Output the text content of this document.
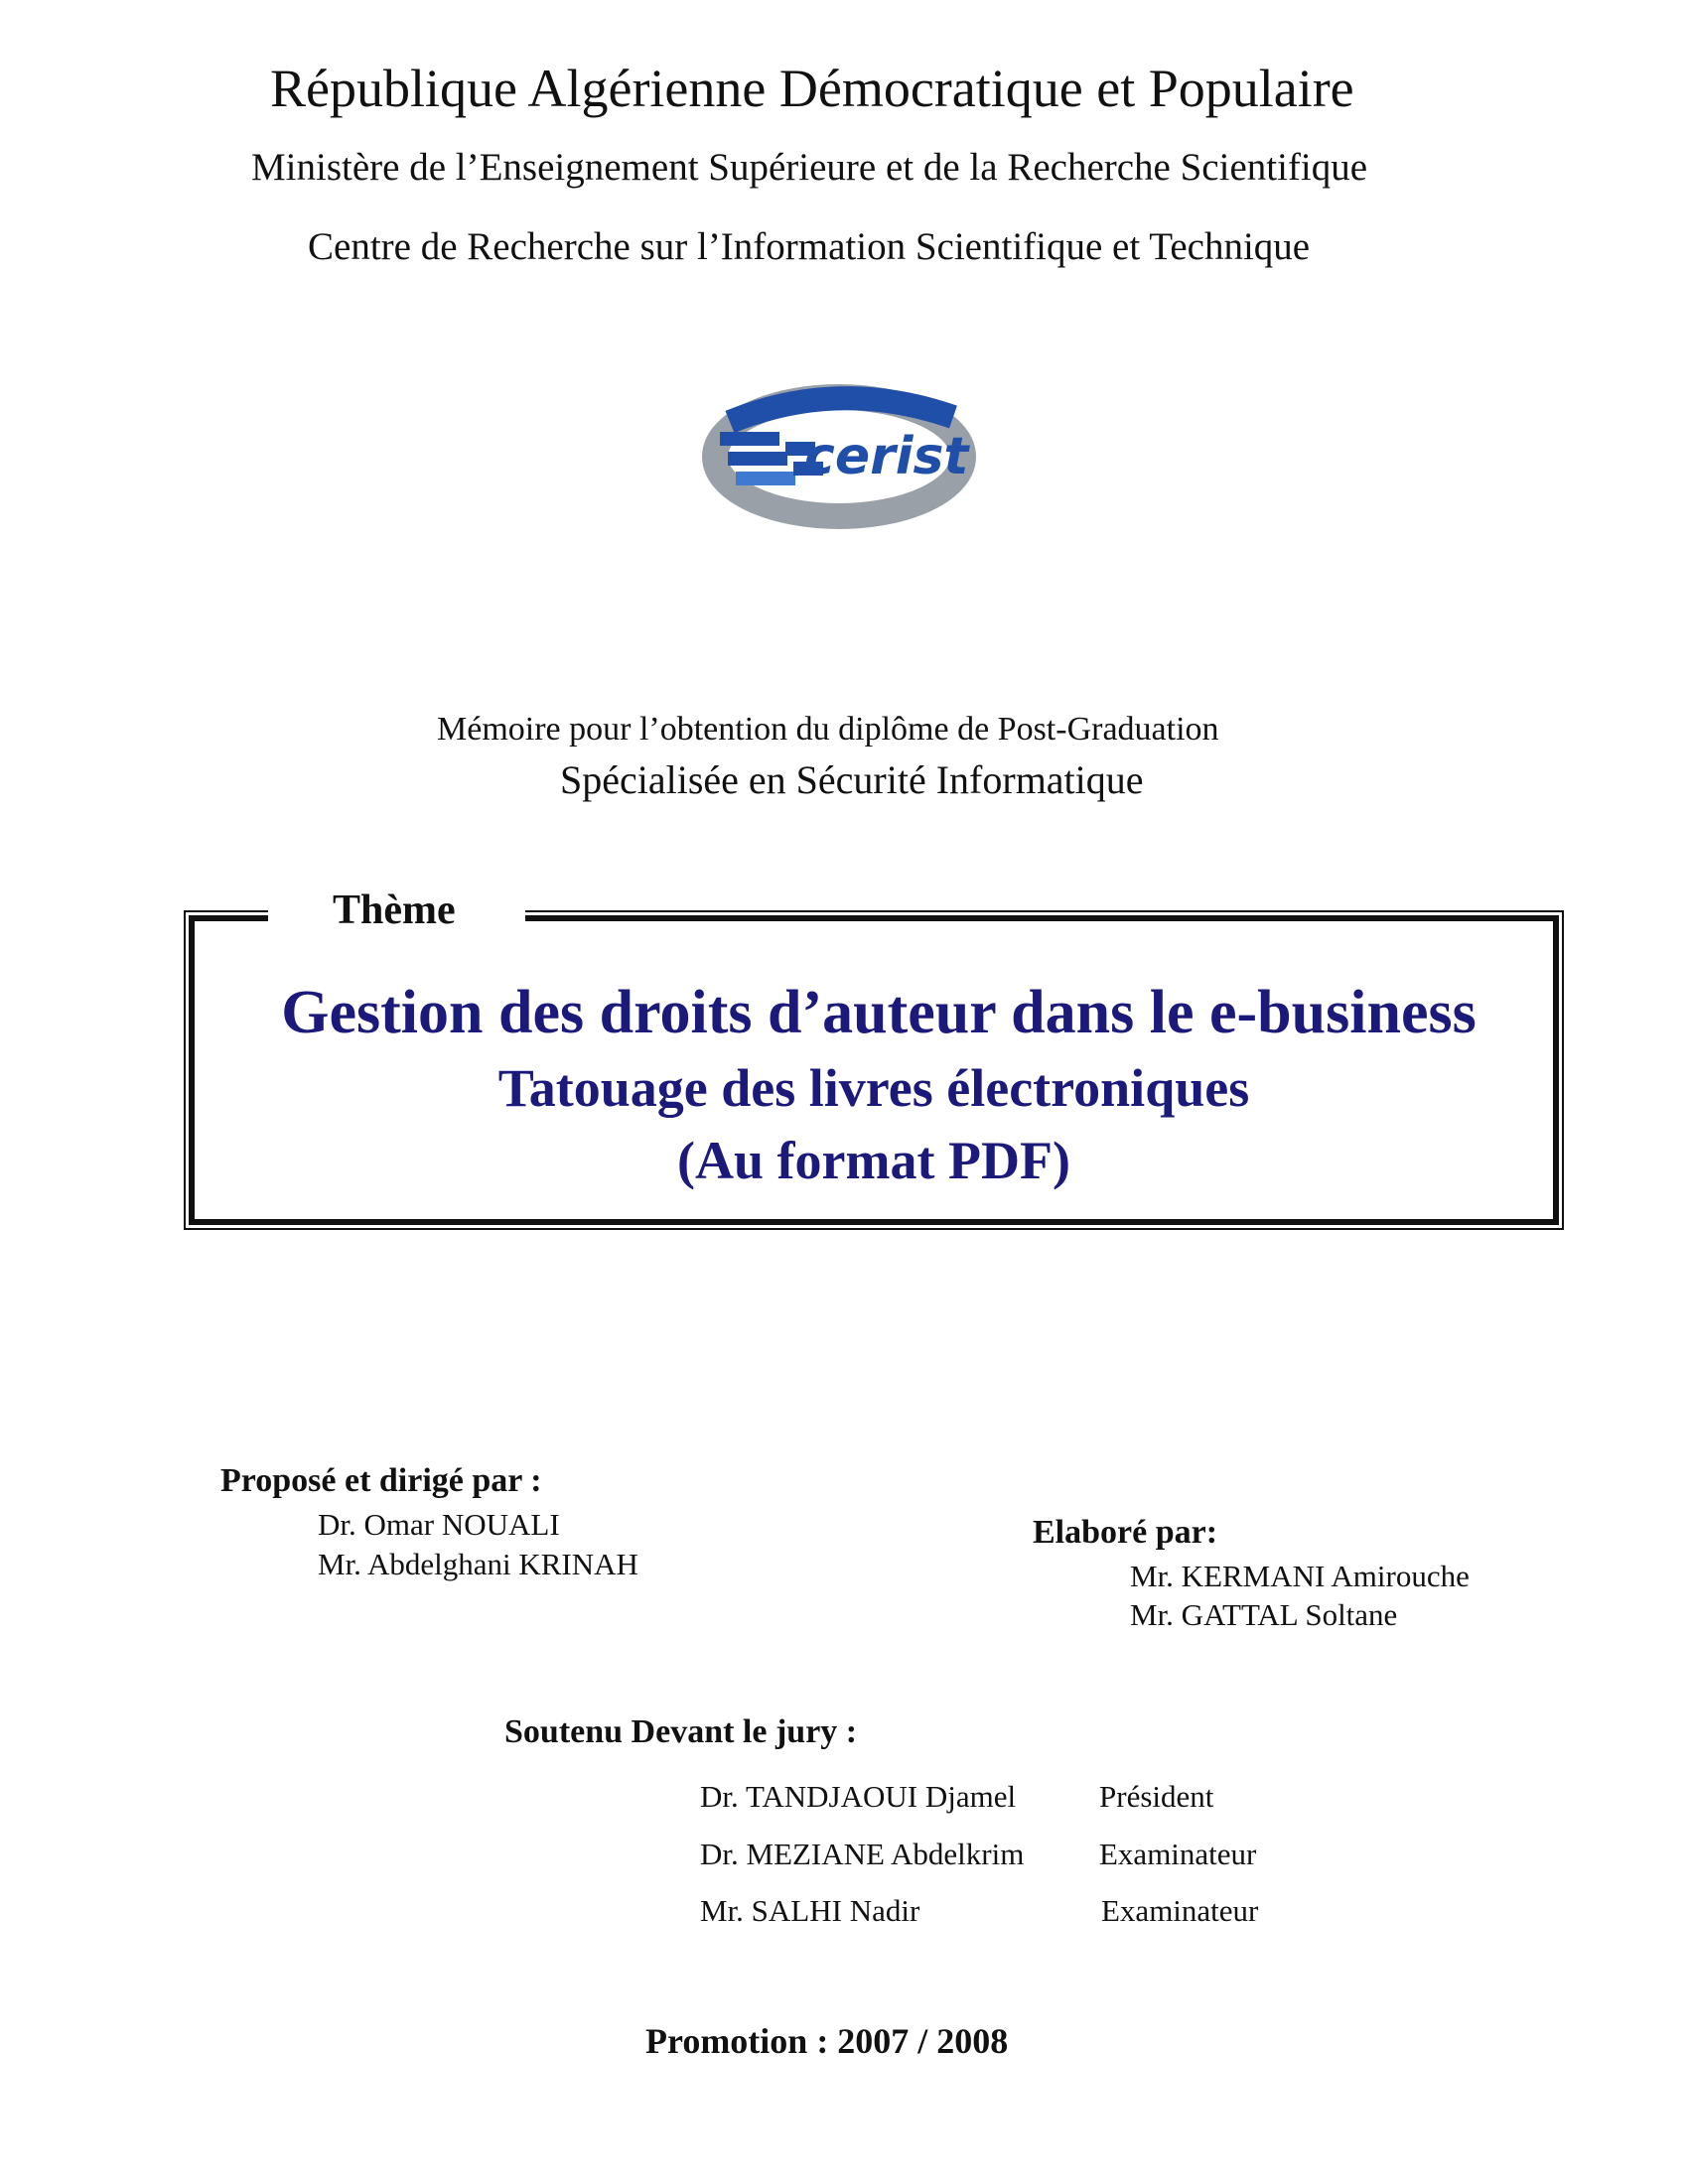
République Algérienne Démocratique et Populaire
Ministère de l’Enseignement Supérieure et de la Recherche Scientifique
Centre de Recherche sur l’Information Scientifique et Technique
cerist
Mémoire pour l’obtention du diplôme de Post-Graduation
Spécialisée en Sécurité Informatique
Thème
Gestion des droits d’auteur dans le e-business
Tatouage des livres électroniques
(Au format PDF)
Proposé et dirigé par :
Dr. Omar NOUALI
Mr. Abdelghani KRINAH
Elaboré par:
Mr. KERMANI Amirouche
Mr. GATTAL Soltane
Soutenu Devant le jury :
Dr. TANDJAOUI Djamel	Président
Dr. MEZIANE Abdelkrim Examinateur
Mr. SALHI Nadir	Examinateur
Promotion : 2007 / 2008
